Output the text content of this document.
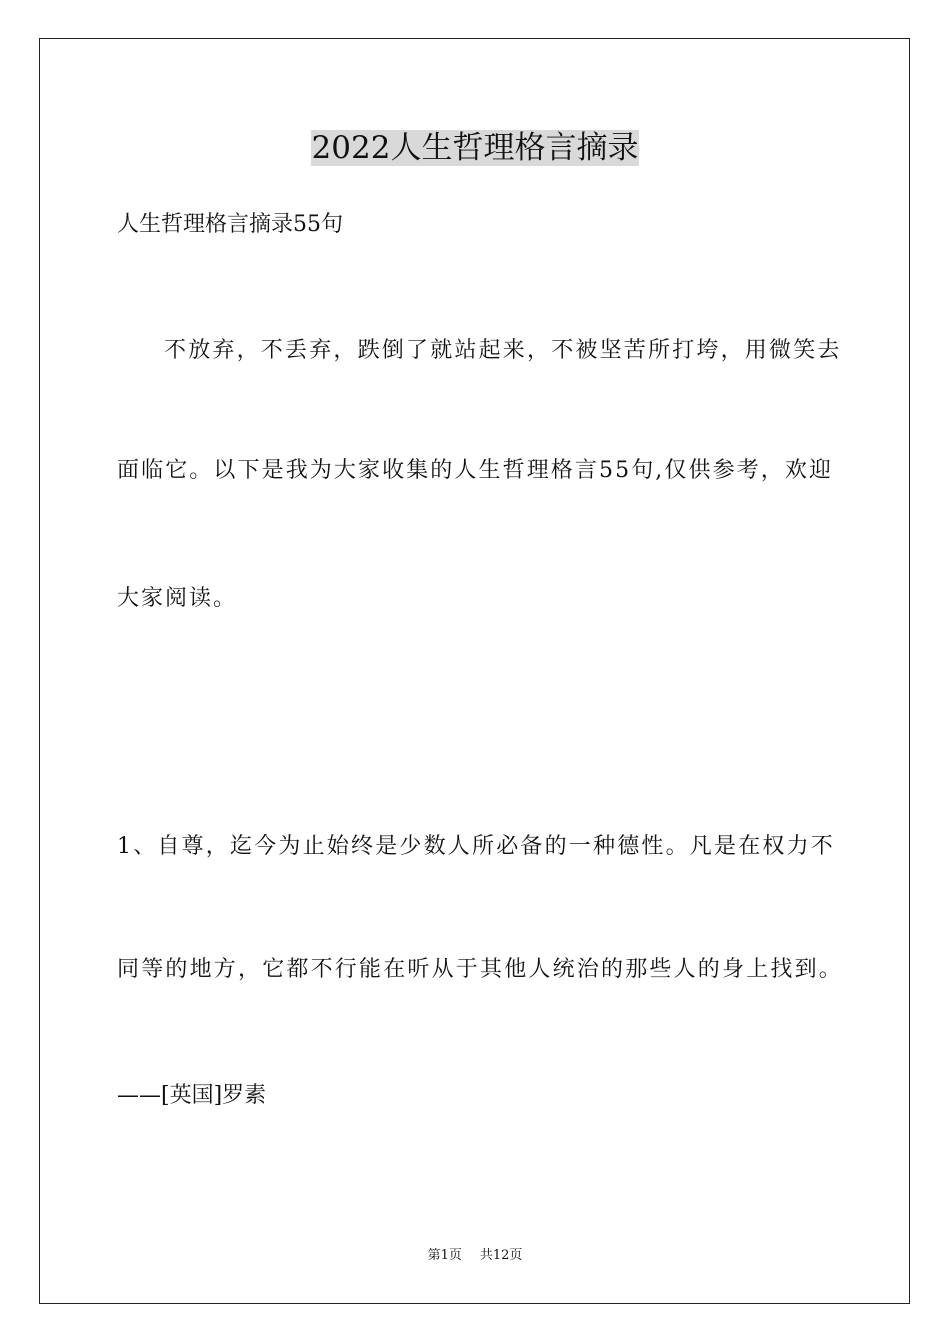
2022人生哲理格言摘录
人生哲理格言摘录55句
不放弃，不丢弃，跌倒了就站起来，不被坚苦所打垮，用微笑去
面临它。以下是我为大家收集的人生哲理格言55句,仅供参考，欢迎
大家阅读。
1、自尊，迄今为止始终是少数人所必备的一种德性。凡是在权力不
同等的地方，它都不行能在听从于其他人统治的那些人的身上找到。
——[英国]罗素
第1页 共12页
